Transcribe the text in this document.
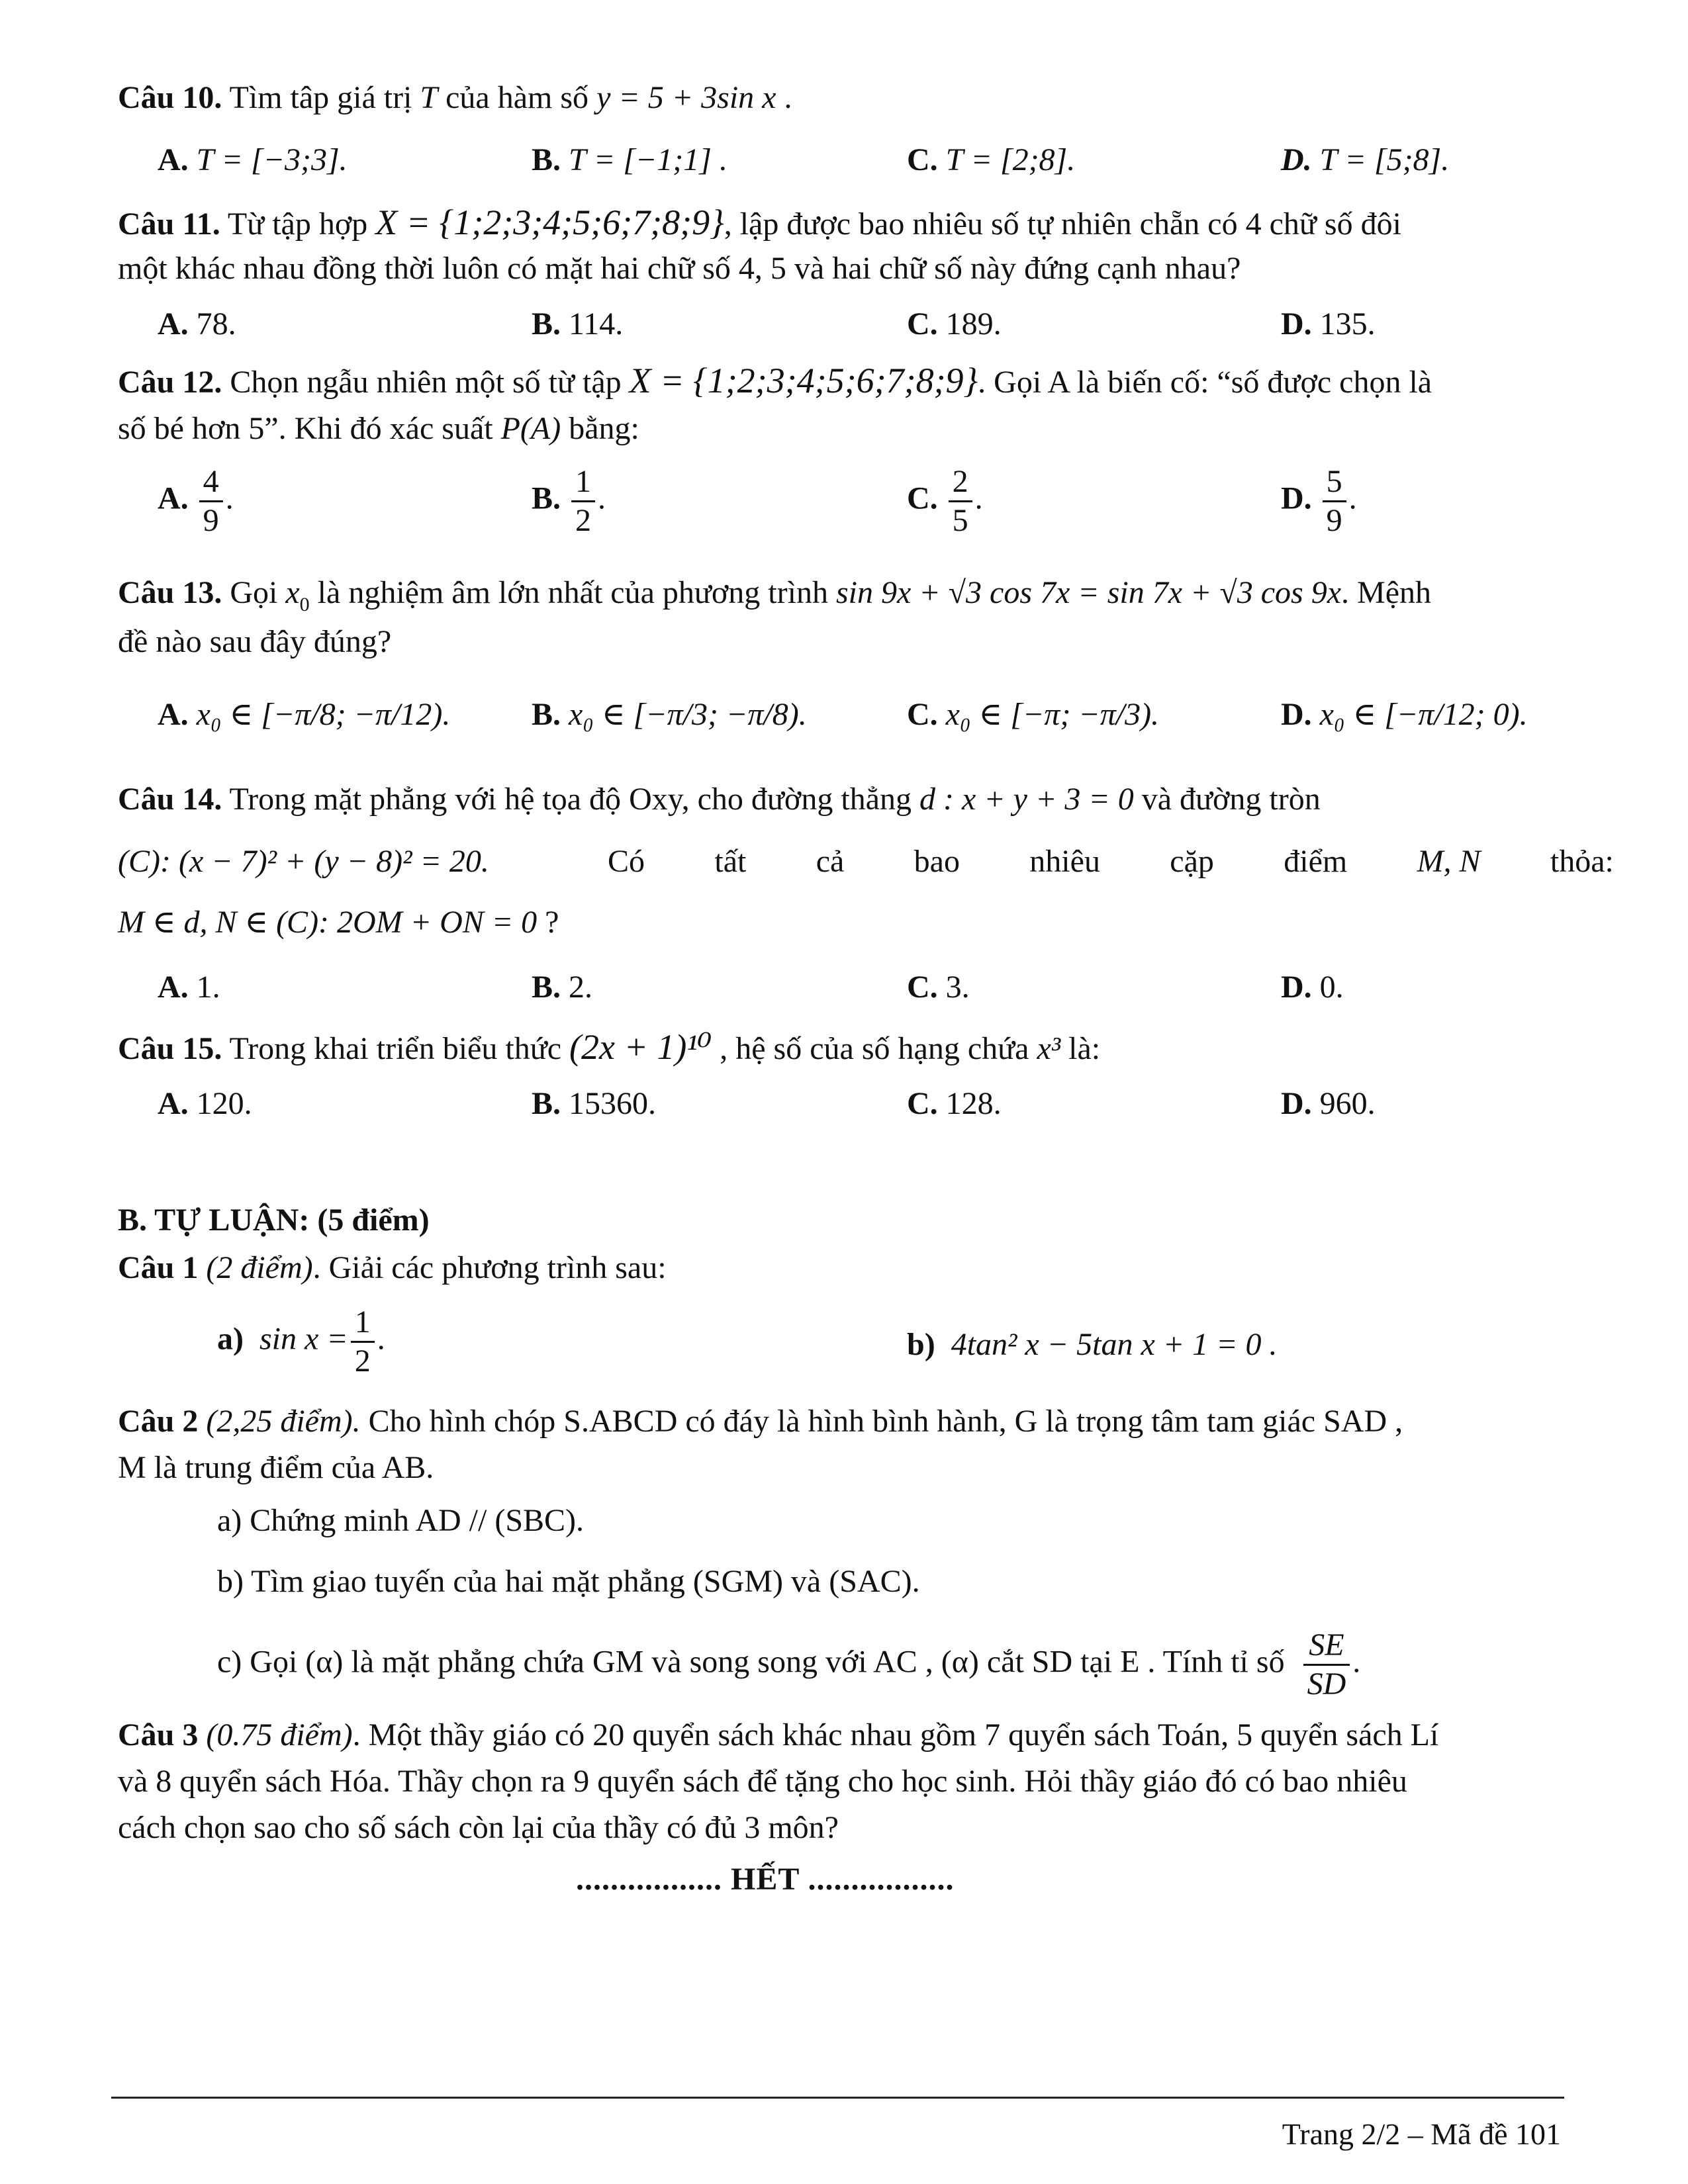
Câu 10. Tìm tâp giá trị T của hàm số y = 5 + 3sin x .
A. T = [−3;3].	B. T = [−1;1] .	C. T = [2;8].	D. T = [5;8].
Câu 11. Từ tập hợp X = {1;2;3;4;5;6;7;8;9}, lập được bao nhiêu số tự nhiên chẵn có 4 chữ số đôi
một khác nhau đồng thời luôn có mặt hai chữ số 4, 5 và hai chữ số này đứng cạnh nhau?
A. 78.	B. 114.	C. 189.	D. 135.
Câu 12. Chọn ngẫu nhiên một số từ tập X = {1;2;3;4;5;6;7;8;9}. Gọi A là biến cố: “số được chọn là
số bé hơn 5”. Khi đó xác suất P(A) bằng:
A. $\frac{4}{9}$ .	B. $\frac{1}{2}$ .	C. $\frac{2}{5}$ .	D. $\frac{5}{9}$ .
Câu 13. Gọi $x_0$ là nghiệm âm lớn nhất của phương trình sin 9x + √3 cos 7x = sin 7x + √3 cos 9x. Mệnh
đề nào sau đây đúng?
A. x₀ ∈ [−π/8; −π/12).	B. x₀ ∈ [−π/3; −π/8).	C. x₀ ∈ [−π; −π/3).	D. x₀ ∈ [−π/12; 0).
Câu 14. Trong mặt phẳng với hệ tọa độ Oxy, cho đường thẳng d : x + y + 3 = 0 và đường tròn
(C): (x − 7)² + (y − 8)² = 20.	Có tất cả bao nhiêu cặp điểm M, N thỏa:
M ∈ d, N ∈ (C): 2OM + ON = 0 ?
A. 1.	B. 2.	C. 3.	D. 0.
Câu 15. Trong khai triển biểu thức (2x + 1)¹⁰ , hệ số của số hạng chứa x³ là:
A. 120.	B. 15360.	C. 128.	D. 960.
B. TỰ LUẬN: (5 điểm)
Câu 1 (2 điểm). Giải các phương trình sau:
a) $\sin x = \frac{1}{2}$ .	b) 4tan² x − 5tan x + 1 = 0 .
Câu 2 (2,25 điểm). Cho hình chóp S.ABCD có đáy là hình bình hành, G là trọng tâm tam giác SAD ,
M là trung điểm của AB.
a) Chứng minh AD // (SBC).
b) Tìm giao tuyến của hai mặt phẳng (SGM) và (SAC).
c) Gọi (α) là mặt phẳng chứa GM và song song với AC , (α) cắt SD tại E . Tính tỉ số $\frac{SE}{SD}$ .
Câu 3 (0.75 điểm). Một thầy giáo có 20 quyển sách khác nhau gồm 7 quyển sách Toán, 5 quyển sách Lí
và 8 quyển sách Hóa. Thầy chọn ra 9 quyển sách để tặng cho học sinh. Hỏi thầy giáo đó có bao nhiêu
cách chọn sao cho số sách còn lại của thầy có đủ 3 môn?
................. HẾT .................
Trang 2/2 – Mã đề 101
